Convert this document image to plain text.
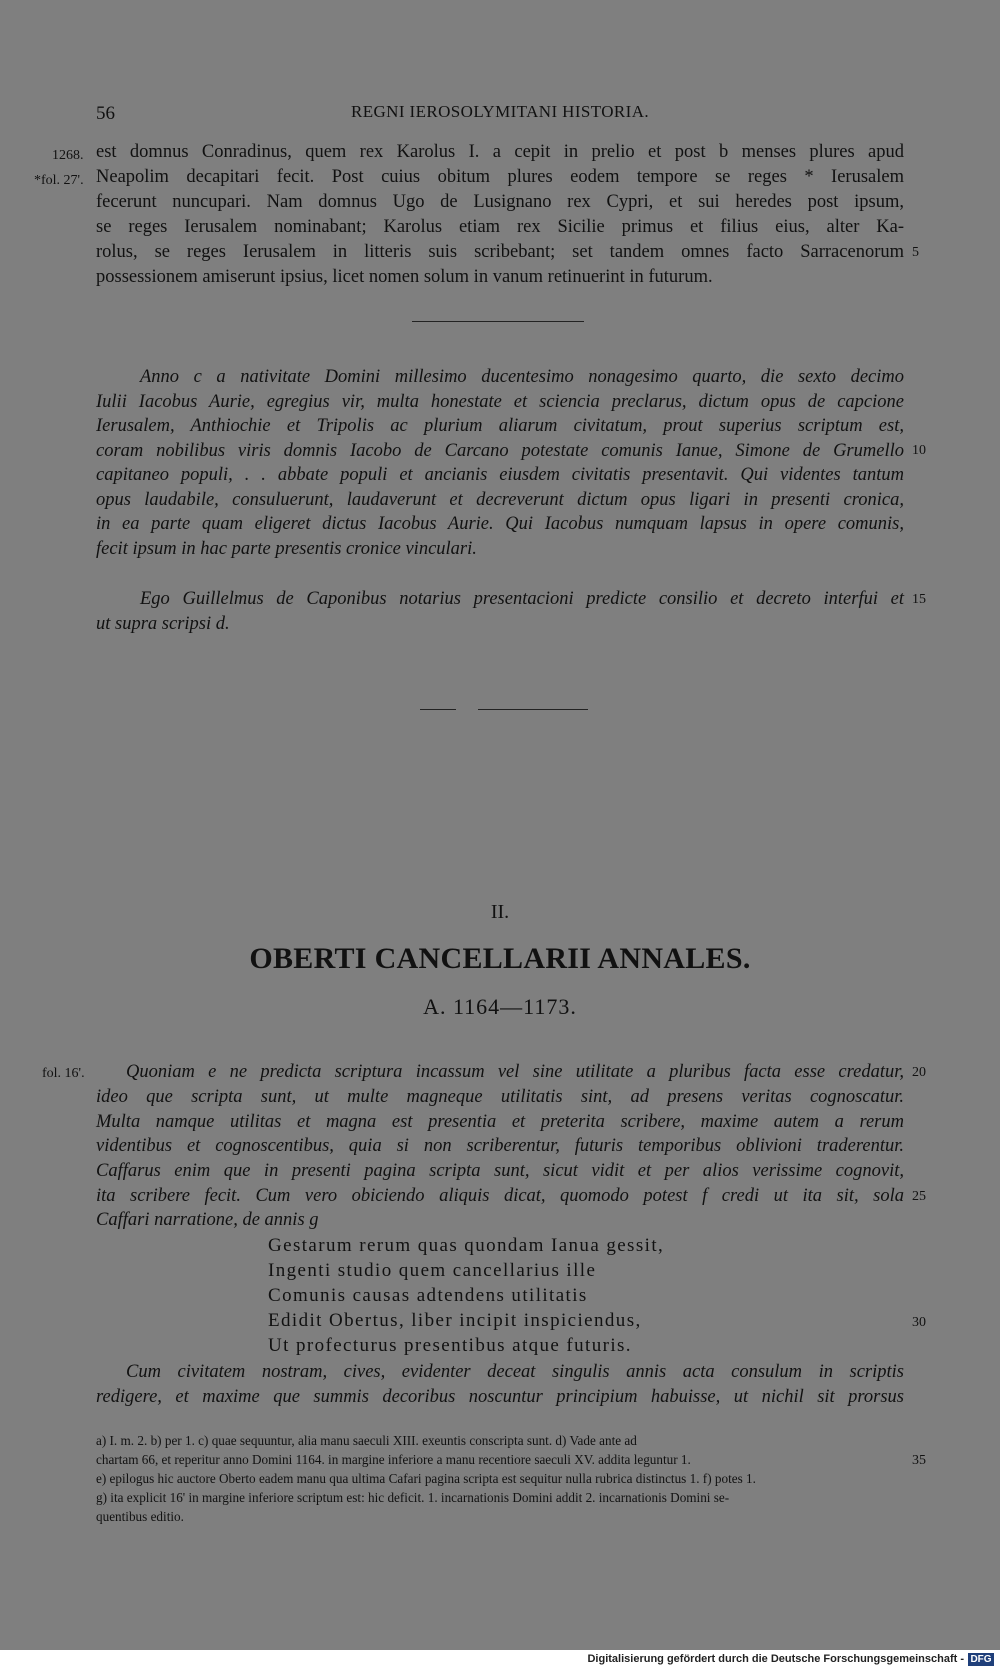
56	REGNI IEROSOLYMITANI HISTORIA.
1268.
*fol. 27'.
est domnus Conradinus, quem rex Karolus I. a cepit in prelio et post b menses plures apud
Neapolim decapitari fecit. Post cuius obitum plures eodem tempore se reges * Ierusalem
fecerunt nuncupari. Nam domnus Ugo de Lusignano rex Cypri, et sui heredes post ipsum,
se reges Ierusalem nominabant; Karolus etiam rex Sicilie primus et filius eius, alter Ka-
rolus, se reges Ierusalem in litteris suis scribebant; set tandem omnes facto Sarracenorum
possessionem amiserunt ipsius, licet nomen solum in vanum retinuerint in futurum.
5
Anno c a nativitate Domini millesimo ducentesimo nonagesimo quarto, die sexto decimo
Iulii Iacobus Aurie, egregius vir, multa honestate et sciencia preclarus, dictum opus de capcione
Ierusalem, Anthiochie et Tripolis ac plurium aliarum civitatum, prout superius scriptum est,
coram nobilibus viris domnis Iacobo de Carcano potestate comunis Ianue, Simone de Grumello
capitaneo populi, . . abbate populi et ancianis eiusdem civitatis presentavit. Qui videntes tantum
opus laudabile, consuluerunt, laudaverunt et decreverunt dictum opus ligari in presenti cronica,
in ea parte quam eligeret dictus Iacobus Aurie. Qui Iacobus numquam lapsus in opere comunis,
fecit ipsum in hac parte presentis cronice vinculari.
10
Ego Guillelmus de Caponibus notarius presentacioni predicte consilio et decreto interfui et
ut supra scripsi d.
15
II.
OBERTI CANCELLARII ANNALES.
A. 1164—1173.
fol. 16'. Quoniam e ne predicta scriptura incassum vel sine utilitate a pluribus facta esse credatur,
ideo que scripta sunt, ut multe magneque utilitatis sint, ad presens veritas cognoscatur.
Multa namque utilitas et magna est presentia et preterita scribere, maxime autem a rerum
videntibus et cognoscentibus, quia si non scriberentur, futuris temporibus oblivioni traderentur.
Caffarus enim que in presenti pagina scripta sunt, sicut vidit et per alios verissime cognovit,
ita scribere fecit. Cum vero obiciendo aliquis dicat, quomodo potest f credi ut ita sit, sola
Caffari narratione, de annis g
20
25
Gestarum rerum quas quondam Ianua gessit,
Ingenti studio quem cancellarius ille
Comunis causas adtendens utilitatis
Edidit Obertus, liber incipit inspiciendus,
Ut profecturus presentibus atque futuris.
30
Cum civitatem nostram, cives, evidenter deceat singulis annis acta consulum in scriptis
redigere, et maxime que summis decoribus noscuntur principium habuisse, ut nichil sit prorsus
a) I. m. 2. b) per 1. c) quae sequuntur, alia manu saeculi XIII. exeuntis conscripta sunt. d) Vade ante ad
chartam 66, et reperitur anno Domini 1164. in margine inferiore a manu recentiore saeculi XV. addita leguntur 1.
e) epilogus hic auctore Oberto eadem manu qua ultima Cafari pagina scripta est sequitur nulla rubrica distinctus 1. f) potes 1.
g) ita explicit 16' in margine inferiore scriptum est: hic deficit. 1. incarnationis Domini addit 2. incarnationis Domini se-
quentibus editio.
35
Digitalisierung gefördert durch die Deutsche Forschungsgemeinschaft - DFG
